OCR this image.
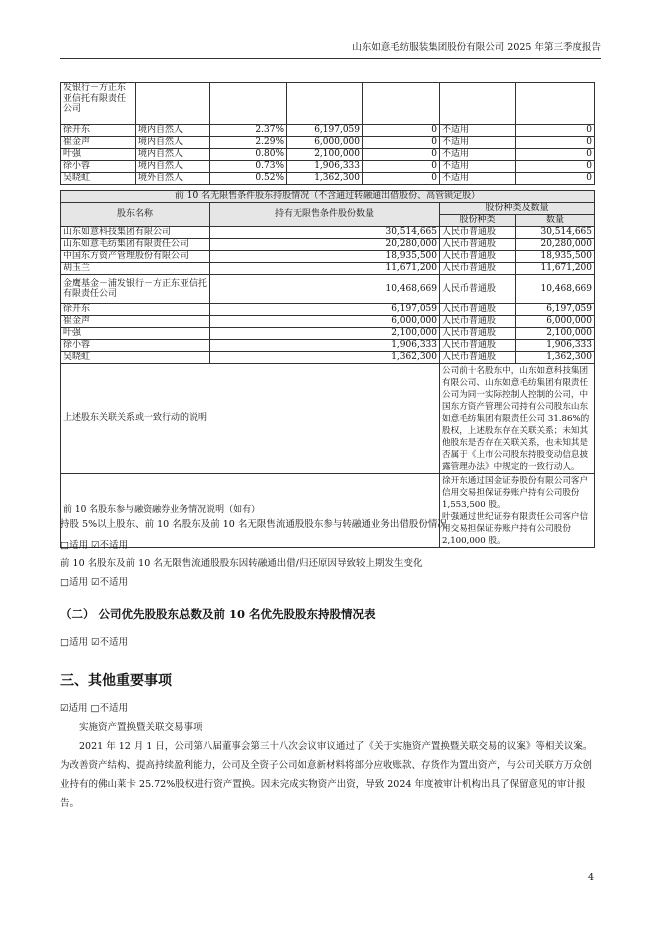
山东如意毛纺服装集团股份有限公司 2025 年第三季度报告
发银行－方正东亚信托有限责任公司						
徐开东	境内自然人	2.37%	6,197,059	0	不适用	0
崔金声	境内自然人	2.29%	6,000,000	0	不适用	0
叶强	境内自然人	0.80%	2,100,000	0	不适用	0
徐小蓉	境内自然人	0.73%	1,906,333	0	不适用	0
吴晓虹	境外自然人	0.52%	1,362,300	0	不适用	0
前 10 名无限售条件股东持股情况（不含通过转融通出借股份、高管锁定股）			
股东名称	持有无限售条件股份数量	股份种类及数量	
		股份种类	数量
山东如意科技集团有限公司	30,514,665	人民币普通股	30,514,665
山东如意毛纺集团有限责任公司	20,280,000	人民币普通股	20,280,000
中国东方资产管理股份有限公司	18,935,500	人民币普通股	18,935,500
胡玉兰	11,671,200	人民币普通股	11,671,200
金鹰基金－浦发银行－方正东亚信托有限责任公司	10,468,669	人民币普通股	10,468,669
徐开东	6,197,059	人民币普通股	6,197,059
崔金声	6,000,000	人民币普通股	6,000,000
叶强	2,100,000	人民币普通股	2,100,000
徐小蓉	1,906,333	人民币普通股	1,906,333
吴晓虹	1,362,300	人民币普通股	1,362,300
上述股东关联关系或一致行动的说明		公司前十名股东中，山东如意科技集团有限公司、山东如意毛纺集团有限责任公司为同一实际控制人控制的公司，中国东方资产管理公司持有公司股东山东如意毛纺集团有限责任公司 31.86%的股权，上述股东存在关联关系；未知其他股东是否存在关联关系，也未知其是否属于《上市公司股东持股变动信息披露管理办法》中规定的一致行动人。	
前 10 名股东参与融资融券业务情况说明（如有）		徐开东通过国金证券股份有限公司客户信用交易担保证券账户持有公司股份 1,553,500 股。
叶强通过世纪证券有限责任公司客户信用交易担保证券账户持有公司股份 2,100,000 股。	
持股 5%以上股东、前 10 名股东及前 10 名无限售流通股股东参与转融通业务出借股份情况
□适用 ☑不适用
前 10 名股东及前 10 名无限售流通股股东因转融通出借/归还原因导致较上期发生变化
□适用 ☑不适用
（二） 公司优先股股东总数及前 10 名优先股股东持股情况表
□适用 ☑不适用
三、其他重要事项
☑适用 □不适用
实施资产置换暨关联交易事项
2021 年 12 月 1 日，公司第八届董事会第三十八次会议审议通过了《关于实施资产置换暨关联交易的议案》等相关议案。为改善资产结构、提高持续盈利能力，公司及全资子公司如意新材料将部分应收账款、存货作为置出资产，与公司关联方万众创业持有的佛山莱卡 25.72%股权进行资产置换。因未完成实物资产出资，导致 2024 年度被审计机构出具了保留意见的审计报告。
4
